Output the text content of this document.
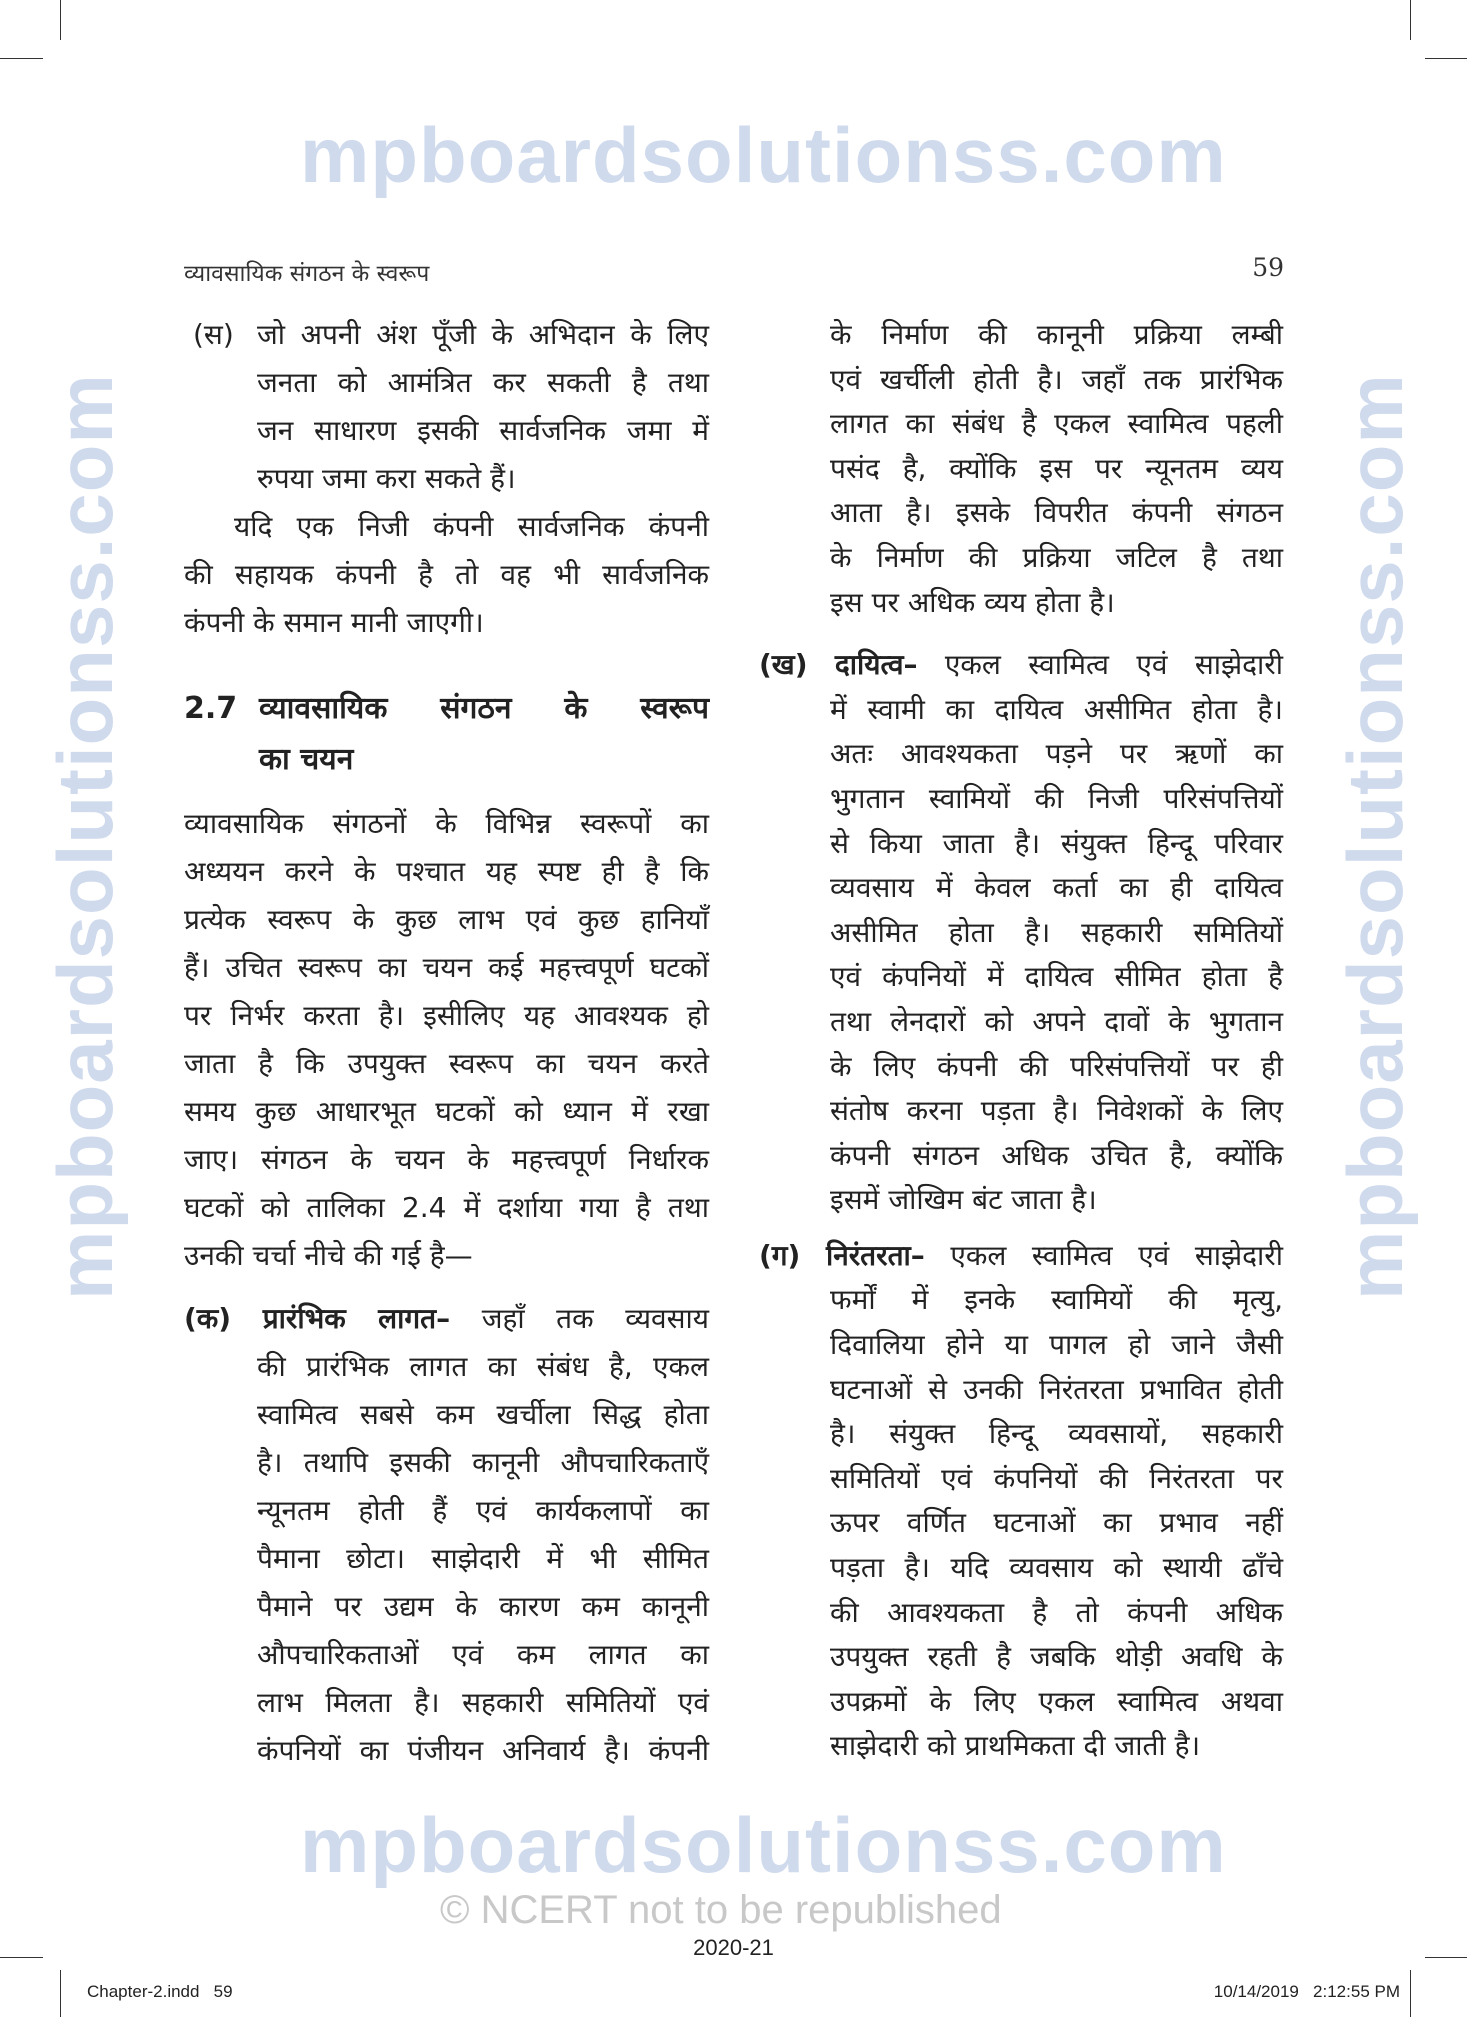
mpboardsolutionss.com
mpboardsolutionss.com
mpboardsolutionss.com	mpboardsolutionss.com
© NCERT not to be republished
व्यावसायिक संगठन के स्वरूप	59
(स) जो अपनी अंश पूँजी के अभिदान के लिए
जनता को आमंत्रित कर सकती है तथा
जन साधारण इसकी सार्वजनिक जमा में
रुपया जमा करा सकते हैं।
यदि एक निजी कंपनी सार्वजनिक कंपनी
की सहायक कंपनी है तो वह भी सार्वजनिक
कंपनी के समान मानी जाएगी।
2.7 व्यावसायिक संगठन के स्वरूप
का चयन
व्यावसायिक संगठनों के विभिन्न स्वरूपों का
अध्ययन करने के पश्चात यह स्पष्ट ही है कि
प्रत्येक स्वरूप के कुछ लाभ एवं कुछ हानियाँ
हैं। उचित स्वरूप का चयन कई महत्त्वपूर्ण घटकों
पर निर्भर करता है। इसीलिए यह आवश्यक हो
जाता है कि उपयुक्त स्वरूप का चयन करते
समय कुछ आधारभूत घटकों को ध्यान में रखा
जाए। संगठन के चयन के महत्त्वपूर्ण निर्धारक
घटकों को तालिका 2.4 में दर्शाया गया है तथा
उनकी चर्चा नीचे की गई है—
(क) प्रारंभिक लागत– जहाँ तक व्यवसाय
की प्रारंभिक लागत का संबंध है, एकल
स्वामित्व सबसे कम खर्चीला सिद्ध होता
है। तथापि इसकी कानूनी औपचारिकताएँ
न्यूनतम होती हैं एवं कार्यकलापों का
पैमाना छोटा। साझेदारी में भी सीमित
पैमाने पर उद्यम के कारण कम कानूनी
औपचारिकताओं एवं कम लागत का
लाभ मिलता है। सहकारी समितियों एवं
कंपनियों का पंजीयन अनिवार्य है। कंपनी
के निर्माण की कानूनी प्रक्रिया लम्बी
एवं खर्चीली होती है। जहाँ तक प्रारंभिक
लागत का संबंध है एकल स्वामित्व पहली
पसंद है, क्योंकि इस पर न्यूनतम व्यय
आता है। इसके विपरीत कंपनी संगठन
के निर्माण की प्रक्रिया जटिल है तथा
इस पर अधिक व्यय होता है।
(ख) दायित्व– एकल स्वामित्व एवं साझेदारी
में स्वामी का दायित्व असीमित होता है।
अतः आवश्यकता पड़ने पर ऋणों का
भुगतान स्वामियों की निजी परिसंपत्तियों
से किया जाता है। संयुक्त हिन्दू परिवार
व्यवसाय में केवल कर्ता का ही दायित्व
असीमित होता है। सहकारी समितियों
एवं कंपनियों में दायित्व सीमित होता है
तथा लेनदारों को अपने दावों के भुगतान
के लिए कंपनी की परिसंपत्तियों पर ही
संतोष करना पड़ता है। निवेशकों के लिए
कंपनी संगठन अधिक उचित है, क्योंकि
इसमें जोखिम बंट जाता है।
(ग) निरंतरता– एकल स्वामित्व एवं साझेदारी
फर्मों में इनके स्वामियों की मृत्यु,
दिवालिया होने या पागल हो जाने जैसी
घटनाओं से उनकी निरंतरता प्रभावित होती
है। संयुक्त हिन्दू व्यवसायों, सहकारी
समितियों एवं कंपनियों की निरंतरता पर
ऊपर वर्णित घटनाओं का प्रभाव नहीं
पड़ता है। यदि व्यवसाय को स्थायी ढाँचे
की आवश्यकता है तो कंपनी अधिक
उपयुक्त रहती है जबकि थोड़ी अवधि के
उपक्रमों के लिए एकल स्वामित्व अथवा
साझेदारी को प्राथमिकता दी जाती है।
2020-21
Chapter-2.indd   59	10/14/2019   2:12:55 PM
